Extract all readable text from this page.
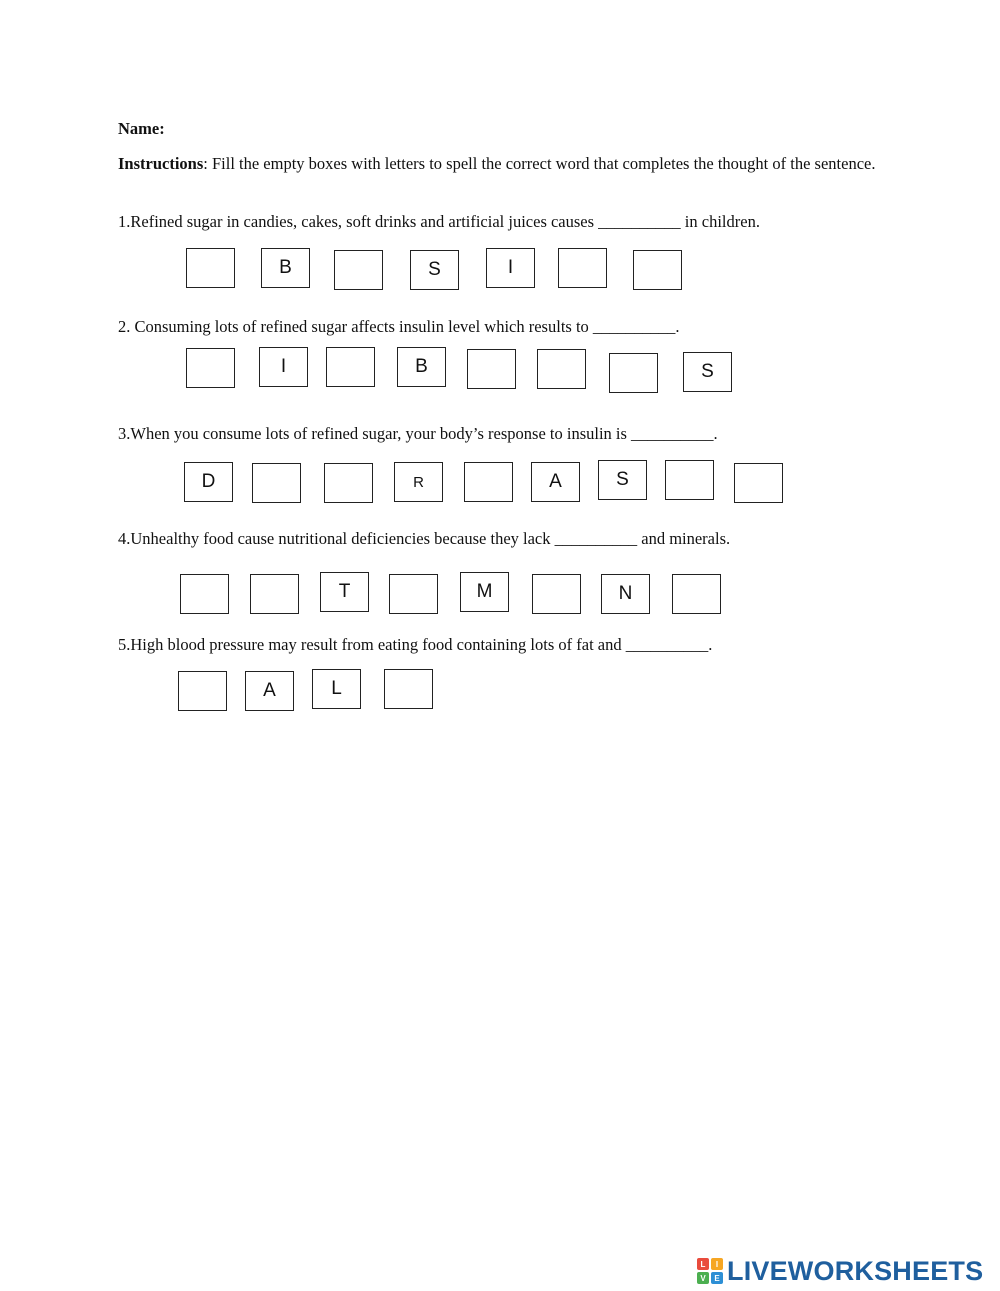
Name:
Instructions: Fill the empty boxes with letters to spell the correct word that completes the thought of the sentence.
1.Refined sugar in candies, cakes, soft drinks and artificial juices causes __________ in children.
B	S	I
2. Consuming lots of refined sugar affects insulin level which results to __________.
I	B	S
3.When you consume lots of refined sugar, your body’s response to insulin is __________.
D	R	A	S
4.Unhealthy food cause nutritional deficiencies because they lack __________ and minerals.
T	M	N
5.High blood pressure may result from eating food containing lots of fat and __________.
A	L
L	I
V	E LIVEWORKSHEETS
